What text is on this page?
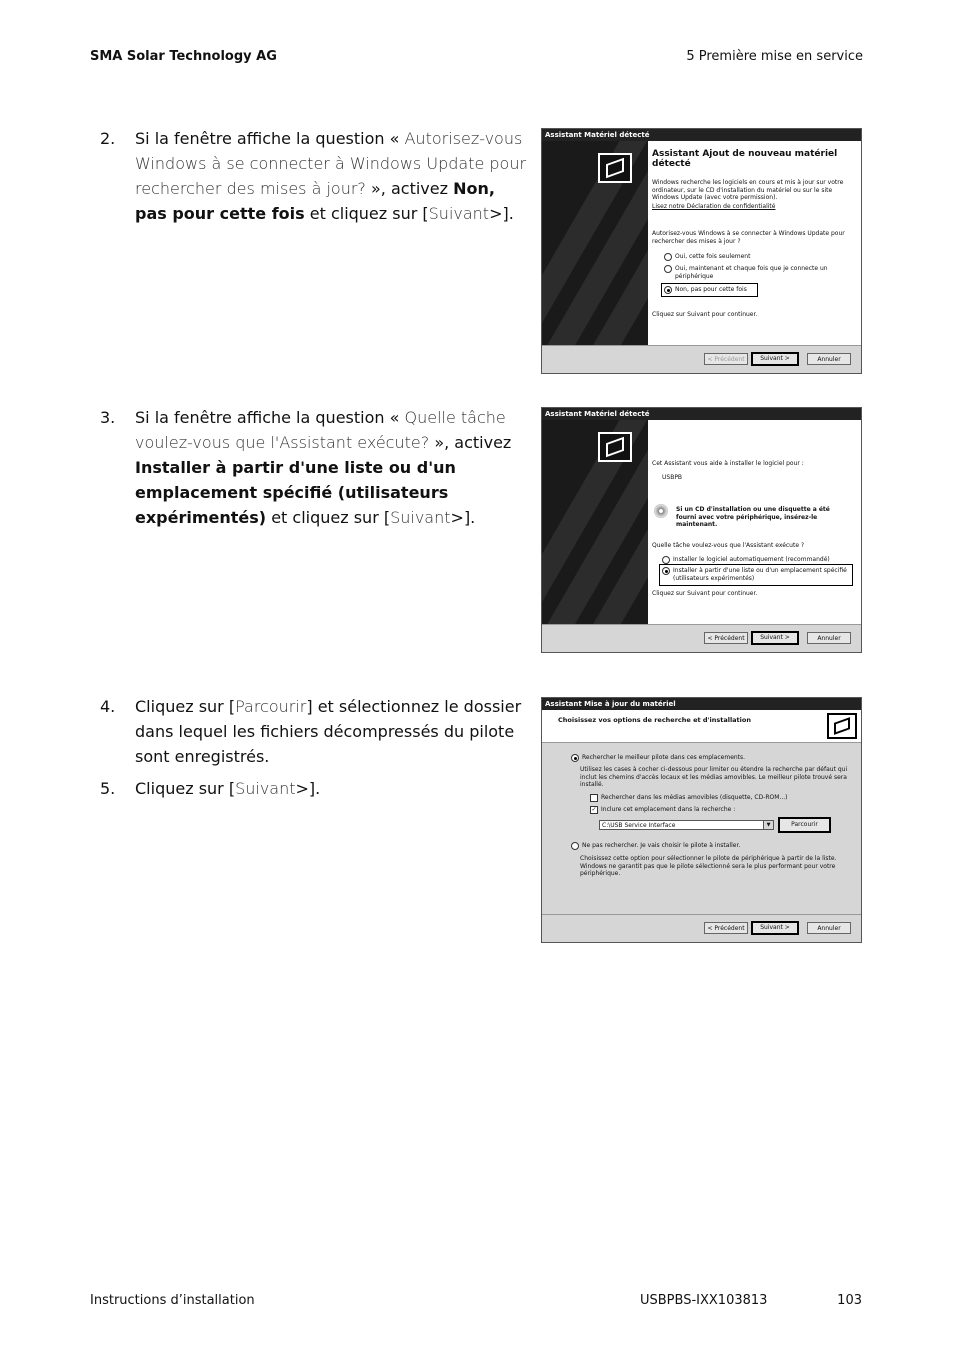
SMA Solar Technology AG	5 Première mise en service
2. Si la fenêtre affiche la question « Autorisez-vous Windows à se connecter à Windows Update pour rechercher des mises à jour? », activez Non, pas pour cette fois et cliquez sur [Suivant>].
3. Si la fenêtre affiche la question « Quelle tâche voulez-vous que l'Assistant exécute? », activez Installer à partir d'une liste ou d'un emplacement spécifié (utilisateurs expérimentés) et cliquez sur [Suivant>].
4. Cliquez sur [Parcourir] et sélectionnez le dossier dans lequel les fichiers décompressés du pilote sont enregistrés.
5. Cliquez sur [Suivant>].
Assistant Matériel détecté
Assistant Ajout de nouveau matériel détecté
Windows recherche les logiciels en cours et mis à jour sur votre ordinateur, sur le CD d'installation du matériel ou sur le site Windows Update (avec votre permission).
Lisez notre Déclaration de confidentialité
Autorisez-vous Windows à se connecter à Windows Update pour rechercher des mises à jour ?
Oui, cette fois seulement
Oui, maintenant et chaque fois que je connecte un périphérique
Non, pas pour cette fois
Cliquez sur Suivant pour continuer.
< Précédent	Suivant >	Annuler
Assistant Matériel détecté
Cet Assistant vous aide à installer le logiciel pour :
USBPB
Si un CD d'installation ou une disquette a été fourni avec votre périphérique, insérez-le maintenant.
Quelle tâche voulez-vous que l'Assistant exécute ?
Installer le logiciel automatiquement (recommandé)
Installer à partir d'une liste ou d'un emplacement spécifié (utilisateurs expérimentés)
Cliquez sur Suivant pour continuer.
< Précédent	Suivant >	Annuler
Assistant Mise à jour du matériel
Choisissez vos options de recherche et d'installation
Rechercher le meilleur pilote dans ces emplacements.
Utilisez les cases à cocher ci-dessous pour limiter ou étendre la recherche par défaut qui inclut les chemins d'accès locaux et les médias amovibles. Le meilleur pilote trouvé sera installé.
Rechercher dans les médias amovibles (disquette, CD-ROM...)
✓ Inclure cet emplacement dans la recherche :
C:\USB Service Interface	▼	Parcourir
Ne pas rechercher. Je vais choisir le pilote à installer.
Choisissez cette option pour sélectionner le pilote de périphérique à partir de la liste. Windows ne garantit pas que le pilote sélectionné sera le plus performant pour votre périphérique.
< Précédent	Suivant >	Annuler
Instructions d’installation	USBPBS-IXX103813	103
